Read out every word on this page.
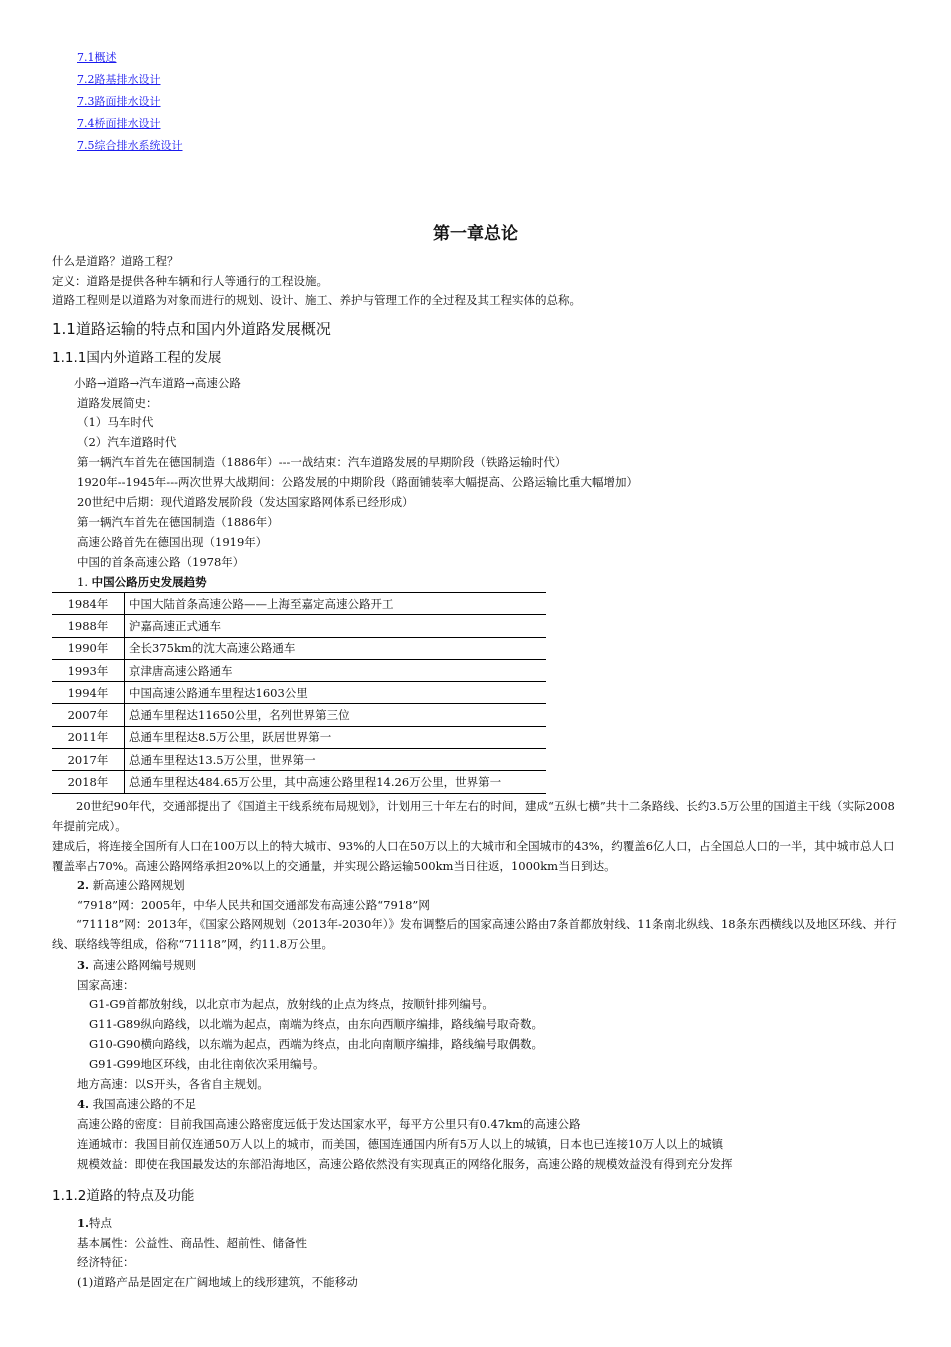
7.1概述
7.2路基排水设计
7.3路面排水设计
7.4桥面排水设计
7.5综合排水系统设计
第一章总论
什么是道路？道路工程？
定义：道路是提供各种车辆和行人等通行的工程设施。
道路工程则是以道路为对象而进行的规划、设计、施工、养护与管理工作的全过程及其工程实体的总称。
1.1道路运输的特点和国内外道路发展概况
1.1.1国内外道路工程的发展
小路→道路→汽车道路→高速公路
道路发展简史：
（1）马车时代
（2）汽车道路时代
第一辆汽车首先在德国制造（1886年）---一战结束：汽车道路发展的早期阶段（铁路运输时代）
1920年--1945年---两次世界大战期间：公路发展的中期阶段（路面铺装率大幅提高、公路运输比重大幅增加）
20世纪中后期：现代道路发展阶段（发达国家路网体系已经形成）
第一辆汽车首先在德国制造（1886年）
高速公路首先在德国出现（1919年）
中国的首条高速公路（1978年）
1. 中国公路历史发展趋势
1984年	中国大陆首条高速公路——上海至嘉定高速公路开工
1988年	沪嘉高速正式通车
1990年	全长375km的沈大高速公路通车
1993年	京津唐高速公路通车
1994年	中国高速公路通车里程达1603公里
2007年	总通车里程达11650公里，名列世界第三位
2011年	总通车里程达8.5万公里，跃居世界第一
2017年	总通车里程达13.5万公里，世界第一
2018年	总通车里程达484.65万公里，其中高速公路里程14.26万公里，世界第一
20世纪90年代，交通部提出了《国道主干线系统布局规划》，计划用三十年左右的时间，建成“五纵七横”共十二条路线、长约3.5万公里的国道主干线（实际2008年提前完成）。
建成后，将连接全国所有人口在100万以上的特大城市、93%的人口在50万以上的大城市和全国城市的43%，约覆盖6亿人口，占全国总人口的一半，其中城市总人口覆盖率占70%。高速公路网络承担20%以上的交通量，并实现公路运输500km当日往返，1000km当日到达。
2. 新高速公路网规划
“7918”网：2005年，中华人民共和国交通部发布高速公路“7918”网
“71118”网：2013年，《国家公路网规划（2013年-2030年）》发布调整后的国家高速公路由7条首都放射线、11条南北纵线、18条东西横线以及地区环线、并行线、联络线等组成，俗称“71118”网，约11.8万公里。
3. 高速公路网编号规则
国家高速：
G1-G9首都放射线，以北京市为起点，放射线的止点为终点，按顺针排列编号。
G11-G89纵向路线，以北端为起点，南端为终点，由东向西顺序编排，路线编号取奇数。
G10-G90横向路线，以东端为起点，西端为终点，由北向南顺序编排，路线编号取偶数。
G91-G99地区环线，由北往南依次采用编号。
地方高速：以S开头，各省自主规划。
4. 我国高速公路的不足
高速公路的密度：目前我国高速公路密度远低于发达国家水平，每平方公里只有0.47km的高速公路
连通城市：我国目前仅连通50万人以上的城市，而美国，德国连通国内所有5万人以上的城镇，日本也已连接10万人以上的城镇
规模效益：即使在我国最发达的东部沿海地区，高速公路依然没有实现真正的网络化服务，高速公路的规模效益没有得到充分发挥
1.1.2道路的特点及功能
1.特点
基本属性：公益性、商品性、超前性、储备性
经济特征：
(1)道路产品是固定在广阔地域上的线形建筑，不能移动
